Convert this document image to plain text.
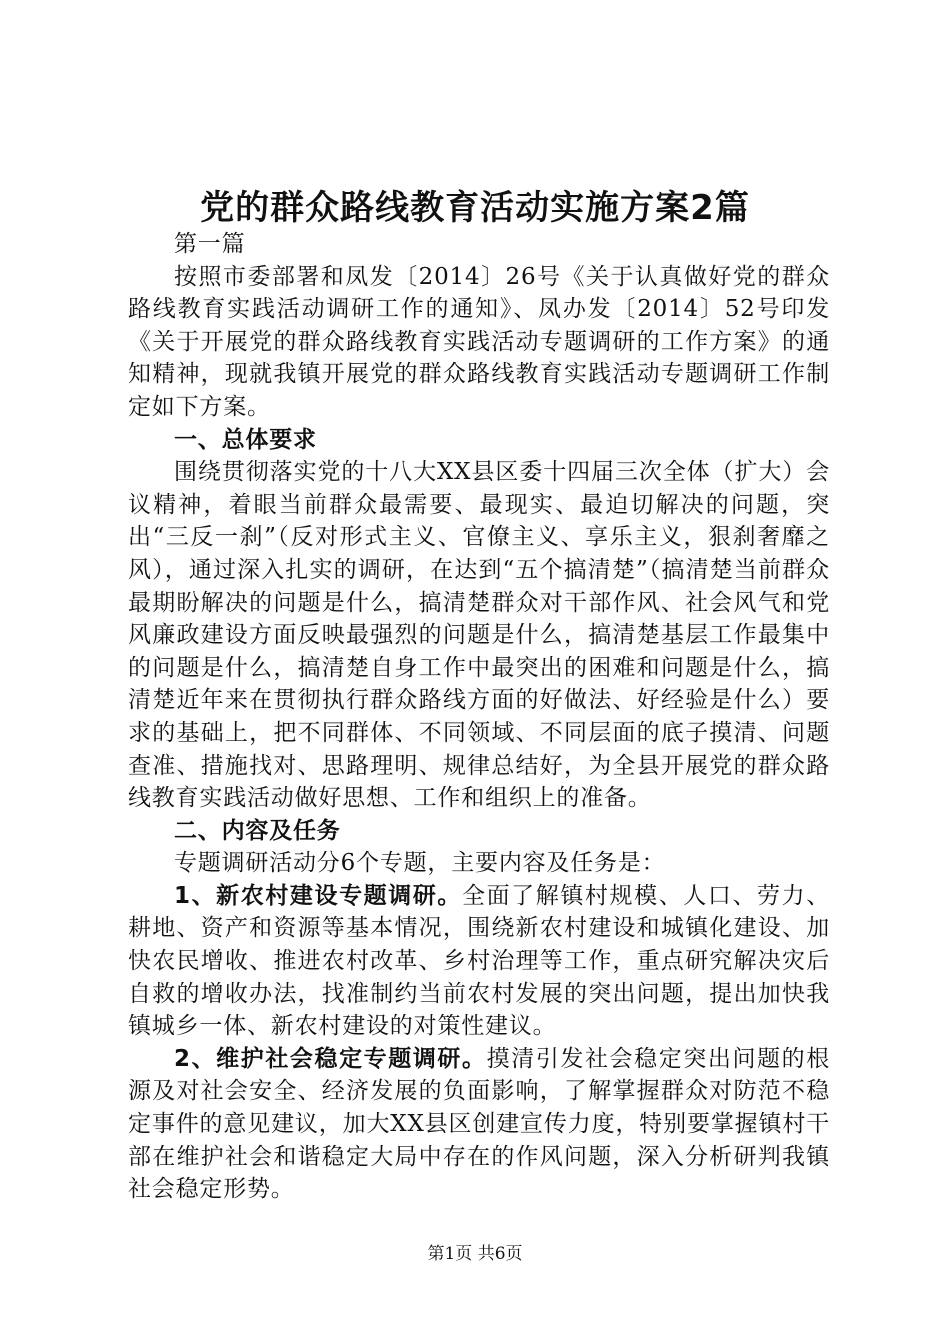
党的群众路线教育活动实施方案2篇

第一篇

按照市委部署和凤发〔2014〕26号《关于认真做好党的群众路线教育实践活动调研工作的通知》、凤办发〔2014〕52号印发《关于开展党的群众路线教育实践活动专题调研的工作方案》的通知精神，现就我镇开展党的群众路线教育实践活动专题调研工作制定如下方案。

一、总体要求

围绕贯彻落实党的十八大XX县区委十四届三次全体（扩大）会议精神，着眼当前群众最需要、最现实、最迫切解决的问题，突出“三反一刹”（反对形式主义、官僚主义、享乐主义，狠刹奢靡之风），通过深入扎实的调研，在达到“五个搞清楚”（搞清楚当前群众最期盼解决的问题是什么，搞清楚群众对干部作风、社会风气和党风廉政建设方面反映最强烈的问题是什么，搞清楚基层工作最集中的问题是什么，搞清楚自身工作中最突出的困难和问题是什么，搞清楚近年来在贯彻执行群众路线方面的好做法、好经验是什么）要求的基础上，把不同群体、不同领域、不同层面的底子摸清、问题查准、措施找对、思路理明、规律总结好，为全县开展党的群众路线教育实践活动做好思想、工作和组织上的准备。

二、内容及任务

专题调研活动分6个专题，主要内容及任务是：

1、新农村建设专题调研。全面了解镇村规模、人口、劳力、耕地、资产和资源等基本情况，围绕新农村建设和城镇化建设、加快农民增收、推进农村改革、乡村治理等工作，重点研究解决灾后自救的增收办法，找准制约当前农村发展的突出问题，提出加快我镇城乡一体、新农村建设的对策性建议。

2、维护社会稳定专题调研。摸清引发社会稳定突出问题的根源及对社会安全、经济发展的负面影响，了解掌握群众对防范不稳定事件的意见建议，加大XX县区创建宣传力度，特别要掌握镇村干部在维护社会和谐稳定大局中存在的作风问题，深入分析研判我镇社会稳定形势。

第1页 共6页
